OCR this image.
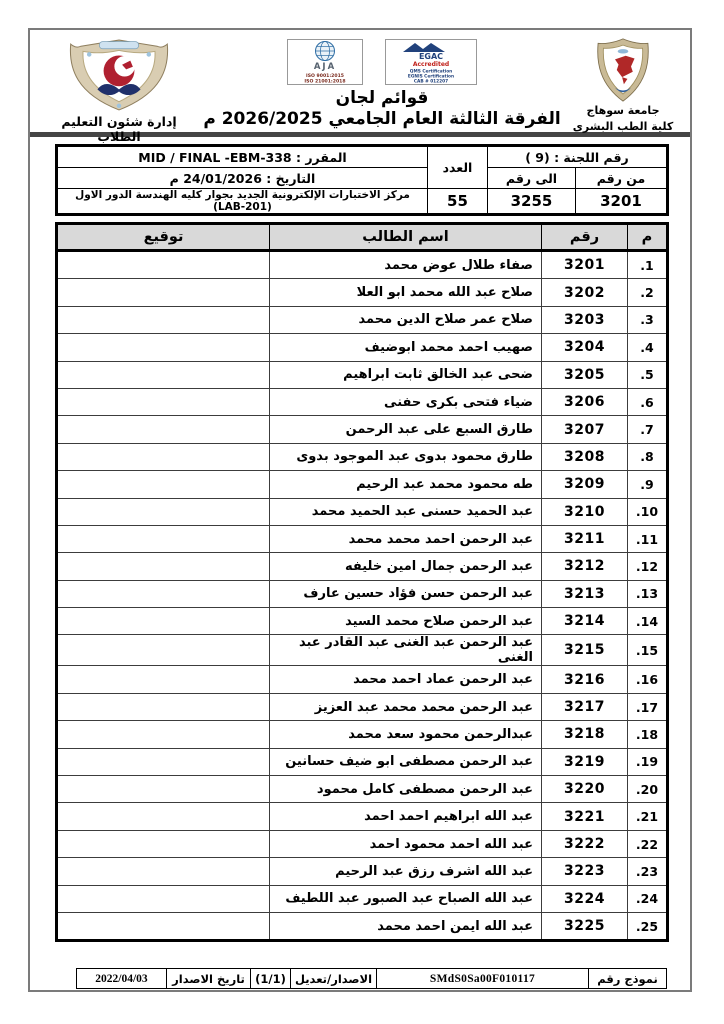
جامعة سوهاج
كلية الطب البشرى
EGAC
Accredited
QMS Certification
EGNIS Certification
CAB # 012207
AJA
ISO 9001:2015
ISO 21001:2018
قوائم لجان
الفرقة الثالثة العام الجامعي 2026/2025 م
إدارة شئون التعليم الطلاب
رقم اللجنة : ( 9)		العدد	المقرر : MID / FINAL -EBM-338
من رقم	الى رقم		التاريخ : 24/01/2026 م
3201	3255	55	مركز الاختبارات الإلكترونية الجديد بجوار كليه الهندسة الدور الاول (LAB-201)
م	رقم	اسم الطالب	توقيع
1.	3201	صفاء طلال عوض محمد	
2.	3202	صلاح عبد الله محمد ابو العلا	
3.	3203	صلاح عمر صلاح الدين محمد	
4.	3204	صهيب احمد محمد ابوضيف	
5.	3205	ضحى عبد الخالق ثابت ابراهيم	
6.	3206	ضياء فتحى بكرى حفنى	
7.	3207	طارق السبع على عبد الرحمن	
8.	3208	طارق محمود بدوى عبد الموجود بدوى	
9.	3209	طه محمود محمد عبد الرحيم	
10.	3210	عبد الحميد حسنى عبد الحميد محمد	
11.	3211	عبد الرحمن احمد محمد محمد	
12.	3212	عبد الرحمن جمال امين خليفه	
13.	3213	عبد الرحمن حسن فؤاد حسين عارف	
14.	3214	عبد الرحمن صلاح محمد السيد	
15.	3215	عبد الرحمن عبد الغنى عبد القادر عبد الغنى	
16.	3216	عبد الرحمن عماد احمد محمد	
17.	3217	عبد الرحمن محمد محمد عبد العزيز	
18.	3218	عبدالرحمن محمود سعد محمد	
19.	3219	عبد الرحمن مصطفى ابو ضيف حسانين	
20.	3220	عبد الرحمن مصطفى كامل محمود	
21.	3221	عبد الله ابراهيم احمد احمد	
22.	3222	عبد الله احمد محمود احمد	
23.	3223	عبد الله اشرف رزق عبد الرحيم	
24.	3224	عبد الله الصباح عبد الصبور عبد اللطيف	
25.	3225	عبد الله ايمن احمد محمد	
نموذج رقم	SMdS0Sa00F010117	الاصدار/تعديل	(1/1)	تاريخ الاصدار	2022/04/03
